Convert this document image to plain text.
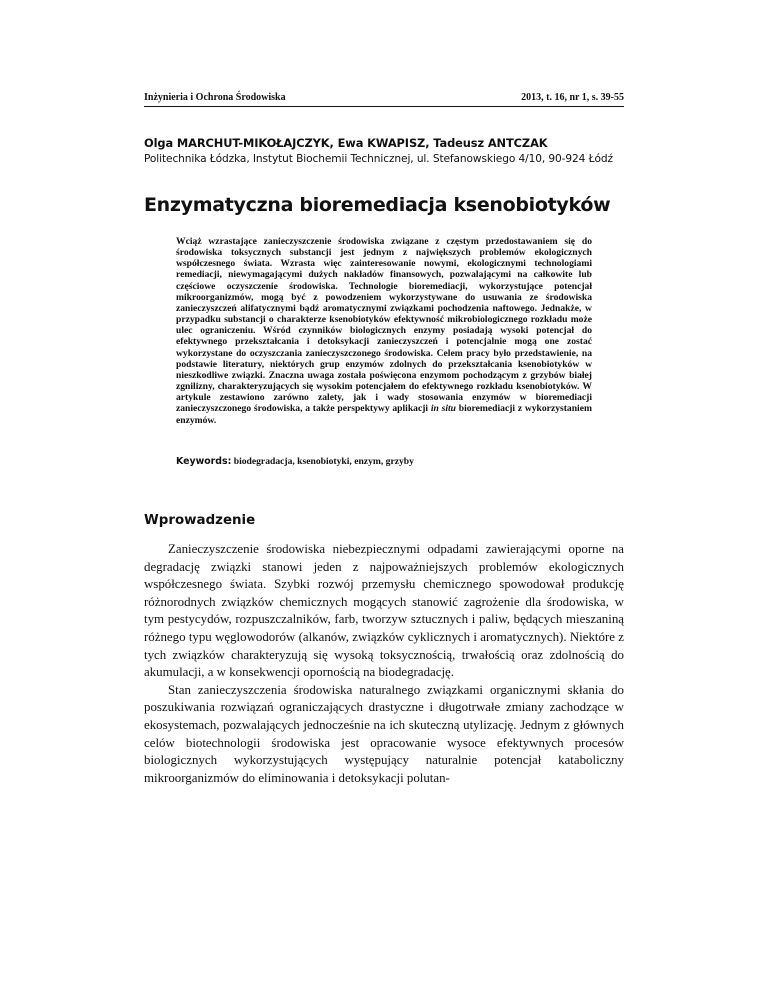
Inżynieria i Ochrona Środowiska	2013, t. 16, nr 1, s. 39-55
Olga MARCHUT-MIKOŁAJCZYK, Ewa KWAPISZ, Tadeusz ANTCZAK
Politechnika Łódzka, Instytut Biochemii Technicznej, ul. Stefanowskiego 4/10, 90-924 Łódź
Enzymatyczna bioremediacja ksenobiotyków

Wciąż wzrastające zanieczyszczenie środowiska związane z częstym przedostawaniem się do środowiska toksycznych substancji jest jednym z największych problemów ekologicznych współczesnego świata. Wzrasta więc zainteresowanie nowymi, ekologicznymi technologiami remediacji, niewymagającymi dużych nakładów finansowych, pozwalającymi na całkowite lub częściowe oczyszczenie środowiska. Technologie bioremediacji, wykorzystujące potencjał mikroorganizmów, mogą być z powodzeniem wykorzystywane do usuwania ze środowiska zanieczyszczeń alifatycznymi bądź aromatycznymi związkami pochodzenia naftowego. Jednakże, w przypadku substancji o charakterze ksenobiotyków efektywność mikrobiologicznego rozkładu może ulec ograniczeniu. Wśród czynników biologicznych enzymy posiadają wysoki potencjał do efektywnego przekształcania i detoksykacji zanieczyszczeń i potencjalnie mogą one zostać wykorzystane do oczyszczania zanieczyszczonego środowiska. Celem pracy było przedstawienie, na podstawie literatury, niektórych grup enzymów zdolnych do przekształcania ksenobiotyków w nieszkodliwe związki. Znaczna uwaga została poświęcona enzymom pochodzącym z grzybów białej zgnilizny, charakteryzujących się wysokim potencjałem do efektywnego rozkładu ksenobiotyków. W artykule zestawiono zarówno zalety, jak i wady stosowania enzymów w bioremediacji zanieczyszczonego środowiska, a także perspektywy aplikacji in situ bioremediacji z wykorzystaniem enzymów.

Keywords: biodegradacja, ksenobiotyki, enzym, grzyby
Wprowadzenie

Zanieczyszczenie środowiska niebezpiecznymi odpadami zawierającymi oporne na degradację związki stanowi jeden z najpoważniejszych problemów ekologicznych współczesnego świata. Szybki rozwój przemysłu chemicznego spowodował produkcję różnorodnych związków chemicznych mogących stanowić zagrożenie dla środowiska, w tym pestycydów, rozpuszczalników, farb, tworzyw sztucznych i paliw, będących mieszaniną różnego typu węglowodorów (alkanów, związków cyklicznych i aromatycznych). Niektóre z tych związków charakteryzują się wysoką toksycznością, trwałością oraz zdolnością do akumulacji, a w konsekwencji opornością na biodegradację.

Stan zanieczyszczenia środowiska naturalnego związkami organicznymi skłania do poszukiwania rozwiązań ograniczających drastyczne i długotrwałe zmiany zachodzące w ekosystemach, pozwalających jednocześnie na ich skuteczną utylizację. Jednym z głównych celów biotechnologii środowiska jest opracowanie wysoce efektywnych procesów biologicznych wykorzystujących występujący naturalnie potencjał kataboliczny mikroorganizmów do eliminowania i detoksykacji polutan-
